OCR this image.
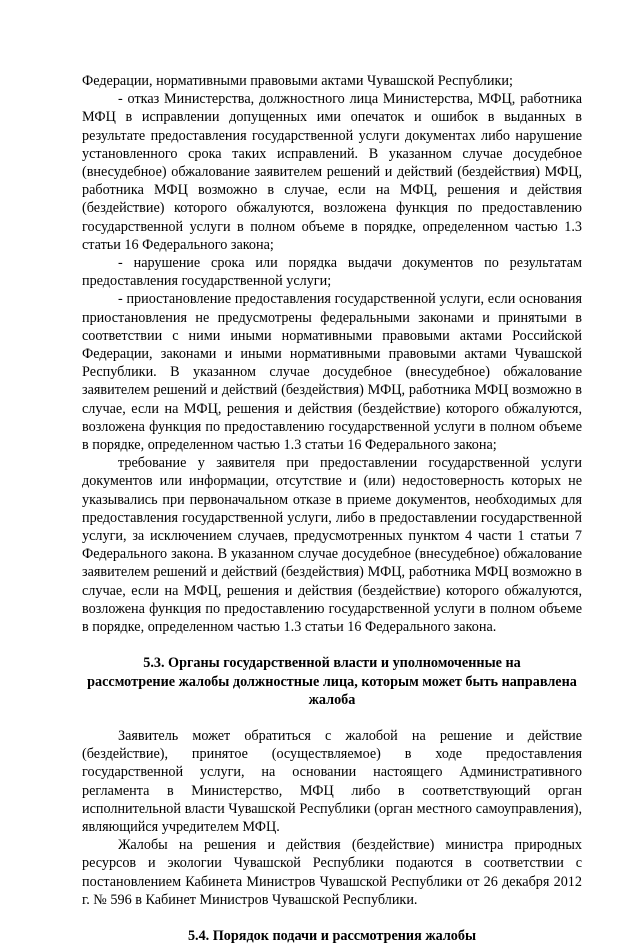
Федерации, нормативными правовыми актами Чувашской Республики;

- отказ Министерства, должностного лица Министерства, МФЦ, работника МФЦ в исправлении допущенных ими опечаток и ошибок в выданных в результате предоставления государственной услуги документах либо нарушение установленного срока таких исправлений. В указанном случае досудебное (внесудебное) обжалование заявителем решений и действий (бездействия) МФЦ, работника МФЦ возможно в случае, если на МФЦ, решения и действия (бездействие) которого обжалуются, возложена функция по предоставлению государственной услуги в полном объеме в порядке, определенном частью 1.3 статьи 16 Федерального закона;

- нарушение срока или порядка выдачи документов по результатам предоставления государственной услуги;

- приостановление предоставления государственной услуги, если основания приостановления не предусмотрены федеральными законами и принятыми в соответствии с ними иными нормативными правовыми актами Российской Федерации, законами и иными нормативными правовыми актами Чувашской Республики. В указанном случае досудебное (внесудебное) обжалование заявителем решений и действий (бездействия) МФЦ, работника МФЦ возможно в случае, если на МФЦ, решения и действия (бездействие) которого обжалуются, возложена функция по предоставлению государственной услуги в полном объеме в порядке, определенном частью 1.3 статьи 16 Федерального закона;

требование у заявителя при предоставлении государственной услуги документов или информации, отсутствие и (или) недостоверность которых не указывались при первоначальном отказе в приеме документов, необходимых для предоставления государственной услуги, либо в предоставлении государственной услуги, за исключением случаев, предусмотренных пунктом 4 части 1 статьи 7 Федерального закона. В указанном случае досудебное (внесудебное) обжалование заявителем решений и действий (бездействия) МФЦ, работника МФЦ возможно в случае, если на МФЦ, решения и действия (бездействие) которого обжалуются, возложена функция по предоставлению государственной услуги в полном объеме в порядке, определенном частью 1.3 статьи 16 Федерального закона.

5.3. Органы государственной власти и уполномоченные на
рассмотрение жалобы должностные лица, которым может быть направлена
жалоба

Заявитель может обратиться с жалобой на решение и действие (бездействие), принятое (осуществляемое) в ходе предоставления государственной услуги, на основании настоящего Административного регламента в Министерство, МФЦ либо в соответствующий орган исполнительной власти Чувашской Республики (орган местного самоуправления), являющийся учредителем МФЦ.

Жалобы на решения и действия (бездействие) министра природных ресурсов и экологии Чувашской Республики подаются в соответствии с постановлением Кабинета Министров Чувашской Республики от 26 декабря 2012 г. № 596 в Кабинет Министров Чувашской Республики.

5.4. Порядок подачи и рассмотрения жалобы
